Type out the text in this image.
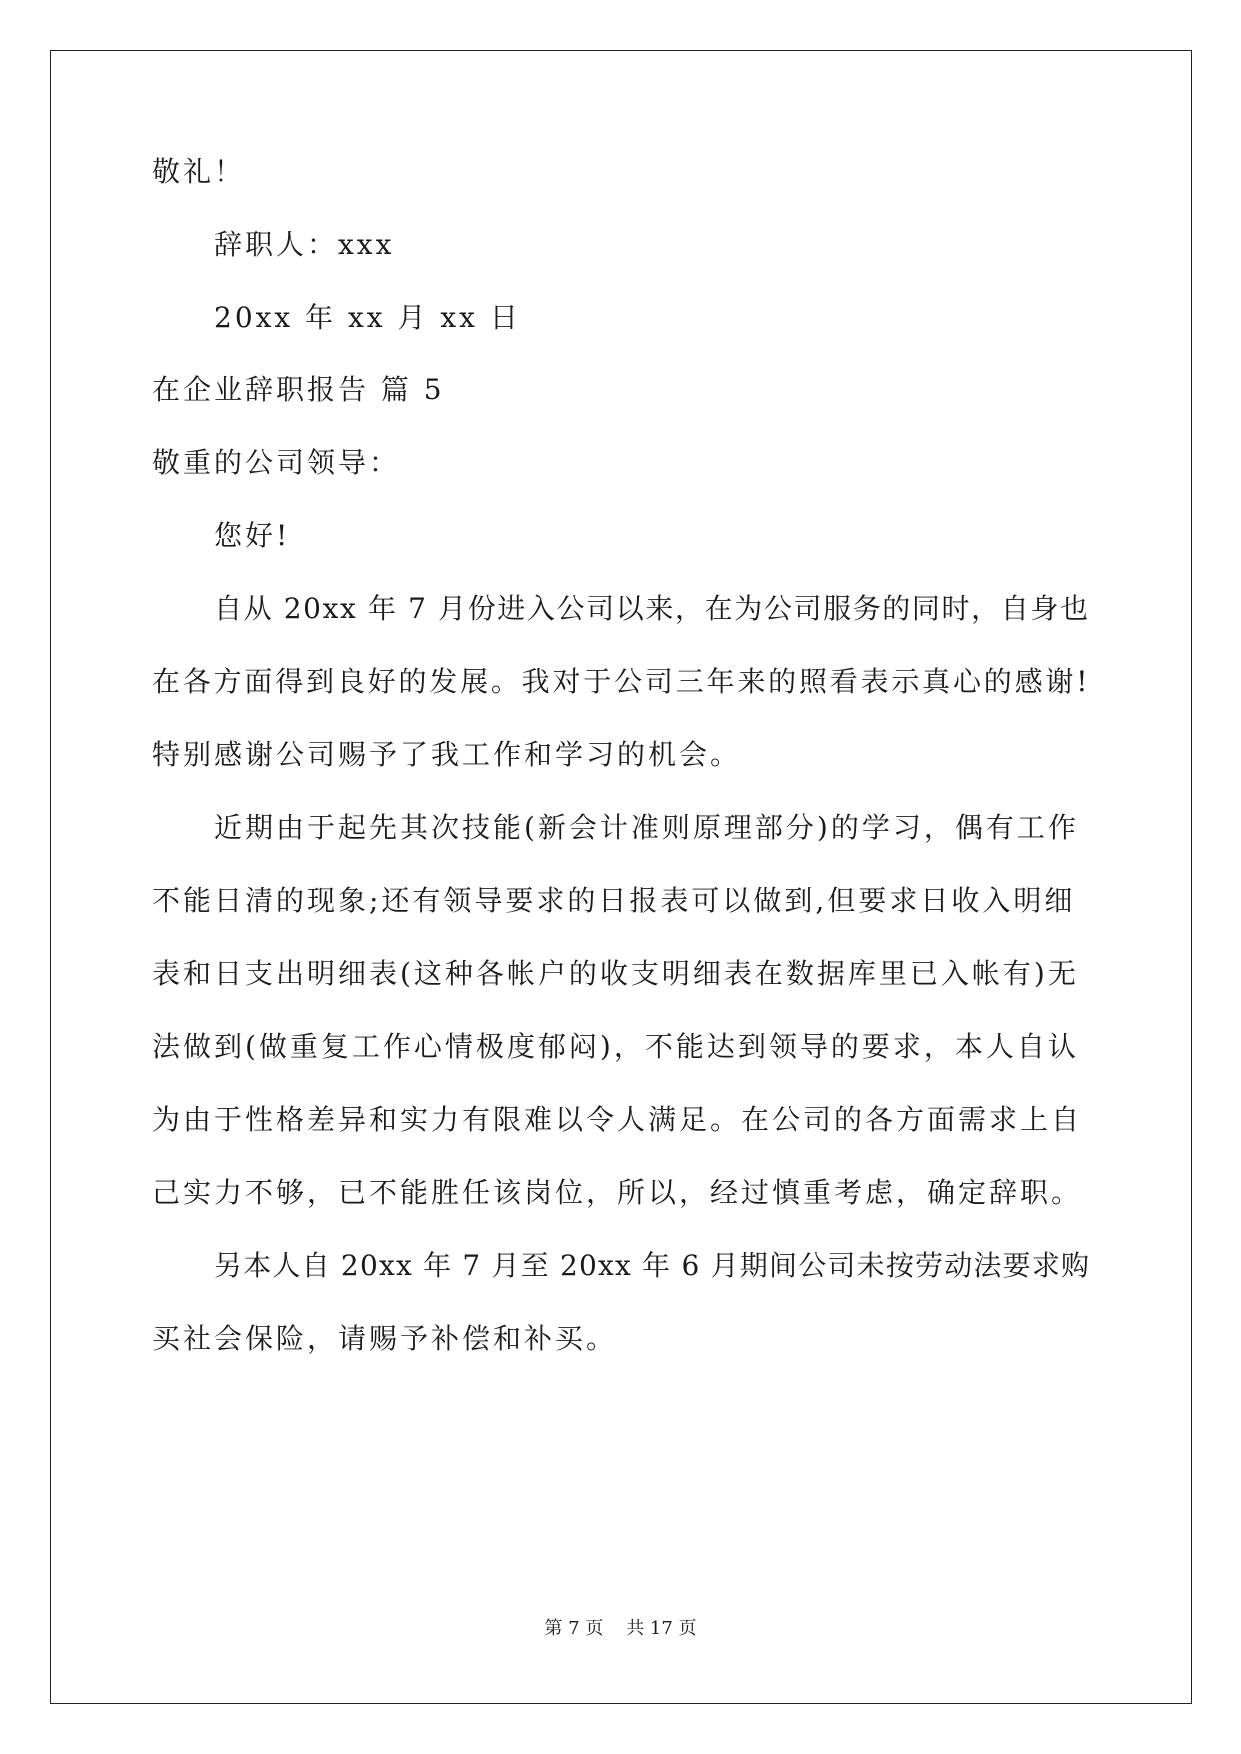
敬礼！
辞职人：xxx
20xx 年 xx 月 xx 日
在企业辞职报告 篇 5
敬重的公司领导：
您好!
自从 20xx 年 7 月份进入公司以来，在为公司服务的同时，自身也
在各方面得到良好的发展。我对于公司三年来的照看表示真心的感谢!
特别感谢公司赐予了我工作和学习的机会。
近期由于起先其次技能(新会计准则原理部分)的学习，偶有工作
不能日清的现象;还有领导要求的日报表可以做到,但要求日收入明细
表和日支出明细表(这种各帐户的收支明细表在数据库里已入帐有)无
法做到(做重复工作心情极度郁闷)，不能达到领导的要求，本人自认
为由于性格差异和实力有限难以令人满足。在公司的各方面需求上自
己实力不够，已不能胜任该岗位，所以，经过慎重考虑，确定辞职。
另本人自 20xx 年 7 月至 20xx 年 6 月期间公司未按劳动法要求购
买社会保险，请赐予补偿和补买。
第 7 页    共 17 页
